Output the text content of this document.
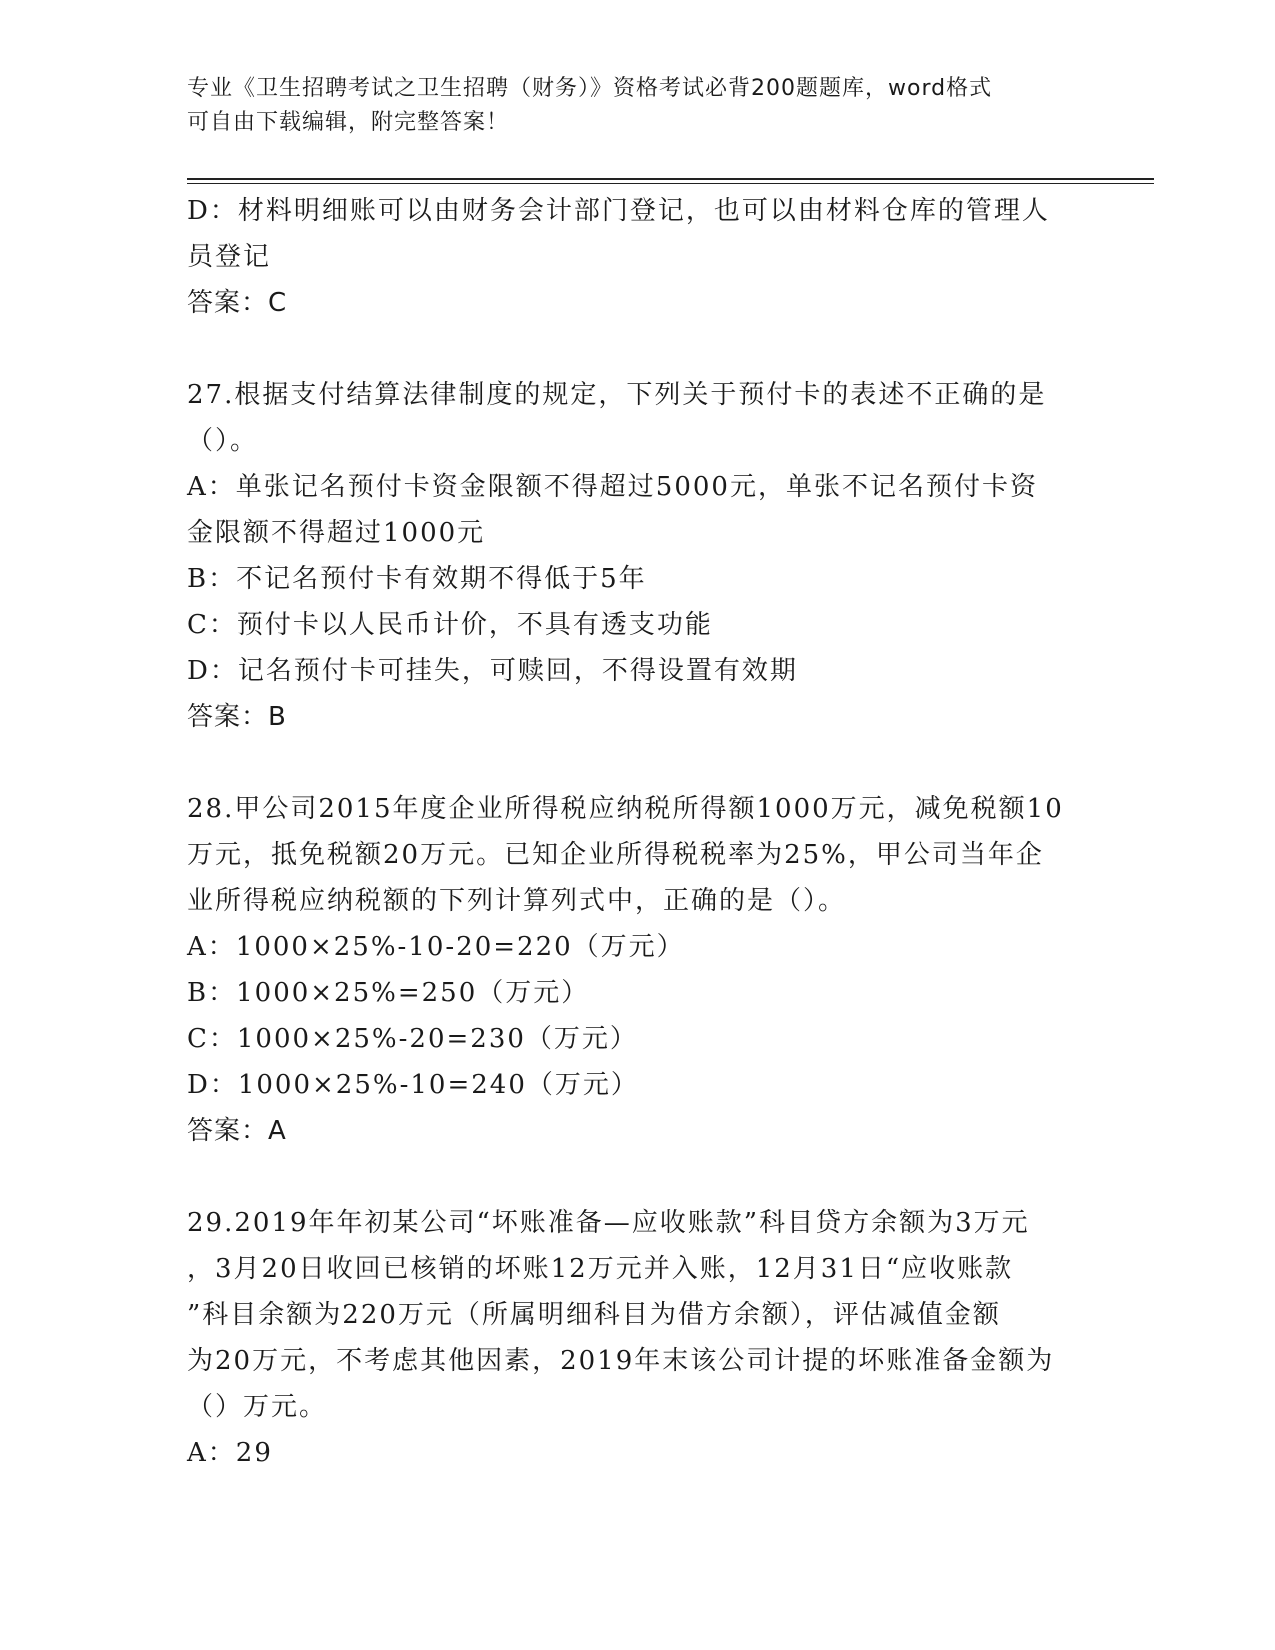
专业《卫生招聘考试之卫生招聘（财务）》资格考试必背200题题库，word格式
可自由下载编辑，附完整答案！
D：材料明细账可以由财务会计部门登记，也可以由材料仓库的管理人
员登记
答案：C
27.根据支付结算法律制度的规定，下列关于预付卡的表述不正确的是
（）。
A：单张记名预付卡资金限额不得超过5000元，单张不记名预付卡资
金限额不得超过1000元
B：不记名预付卡有效期不得低于5年
C：预付卡以人民币计价，不具有透支功能
D：记名预付卡可挂失，可赎回，不得设置有效期
答案：B
28.甲公司2015年度企业所得税应纳税所得额1000万元，减免税额10
万元，抵免税额20万元。已知企业所得税税率为25%，甲公司当年企
业所得税应纳税额的下列计算列式中，正确的是（）。
A：1000×25%-10-20=220（万元）
B：1000×25%=250（万元）
C：1000×25%-20=230（万元）
D：1000×25%-10=240（万元）
答案：A
29.2019年年初某公司“坏账准备—应收账款”科目贷方余额为3万元
，3月20日收回已核销的坏账12万元并入账，12月31日“应收账款
”科目余额为220万元（所属明细科目为借方余额），评估减值金额
为20万元，不考虑其他因素，2019年末该公司计提的坏账准备金额为
（）万元。
A：29
